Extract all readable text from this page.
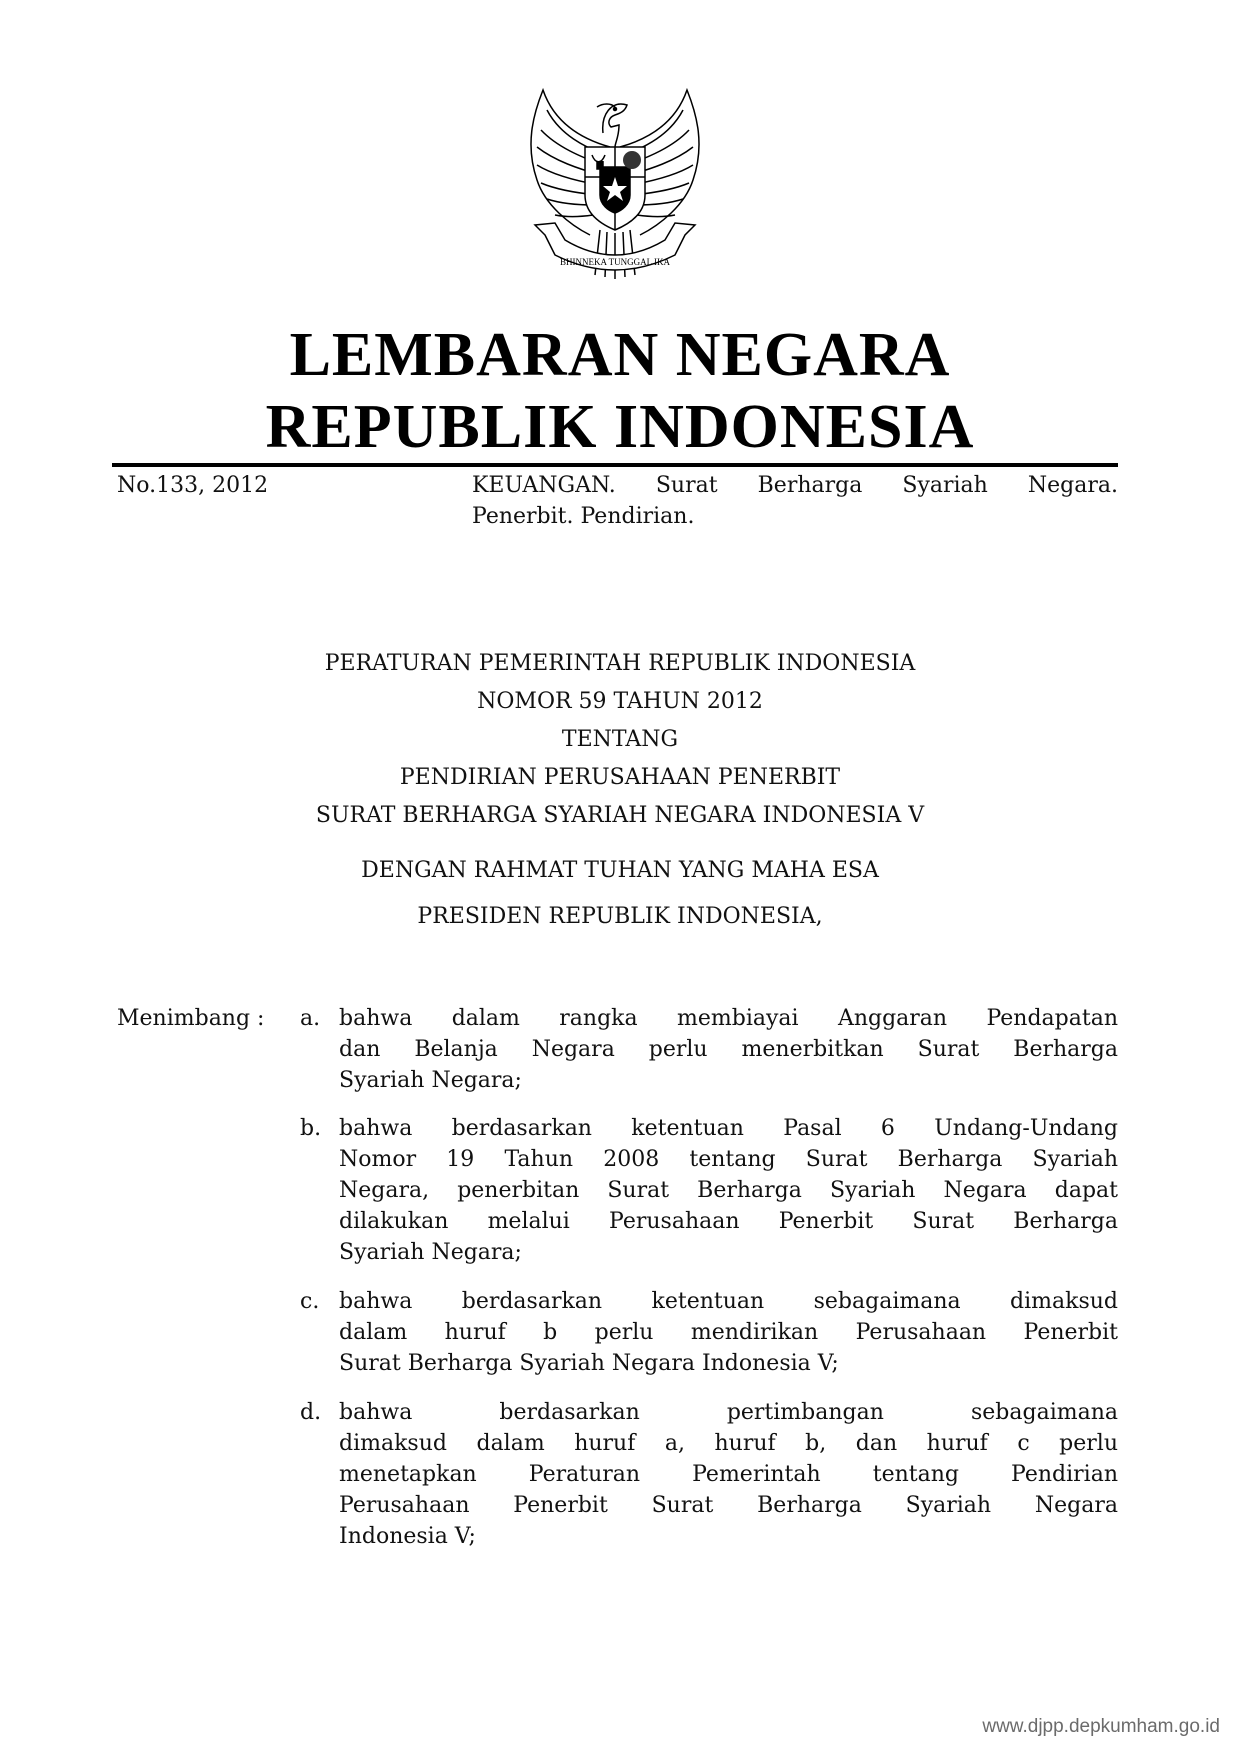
BHINNEKA TUNGGAL IKA
LEMBARAN NEGARA
REPUBLIK INDONESIA
No.133, 2012	KEUANGAN. Surat Berharga Syariah Negara.
Penerbit. Pendirian.
PERATURAN PEMERINTAH REPUBLIK INDONESIA
NOMOR 59 TAHUN 2012
TENTANG
PENDIRIAN PERUSAHAAN PENERBIT
SURAT BERHARGA SYARIAH NEGARA INDONESIA V
DENGAN RAHMAT TUHAN YANG MAHA ESA
PRESIDEN REPUBLIK INDONESIA,
Menimbang : a. bahwa dalam rangka membiayai Anggaran Pendapatan
dan Belanja Negara perlu menerbitkan Surat Berharga
Syariah Negara;
b. bahwa berdasarkan ketentuan Pasal 6 Undang-Undang
Nomor 19 Tahun 2008 tentang Surat Berharga Syariah
Negara, penerbitan Surat Berharga Syariah Negara dapat
dilakukan melalui Perusahaan Penerbit Surat Berharga
Syariah Negara;
c. bahwa berdasarkan ketentuan sebagaimana dimaksud
dalam huruf b perlu mendirikan Perusahaan Penerbit
Surat Berharga Syariah Negara Indonesia V;
d. bahwa berdasarkan pertimbangan sebagaimana
dimaksud dalam huruf a, huruf b, dan huruf c perlu
menetapkan Peraturan Pemerintah tentang Pendirian
Perusahaan Penerbit Surat Berharga Syariah Negara
Indonesia V;
www.djpp.depkumham.go.id
